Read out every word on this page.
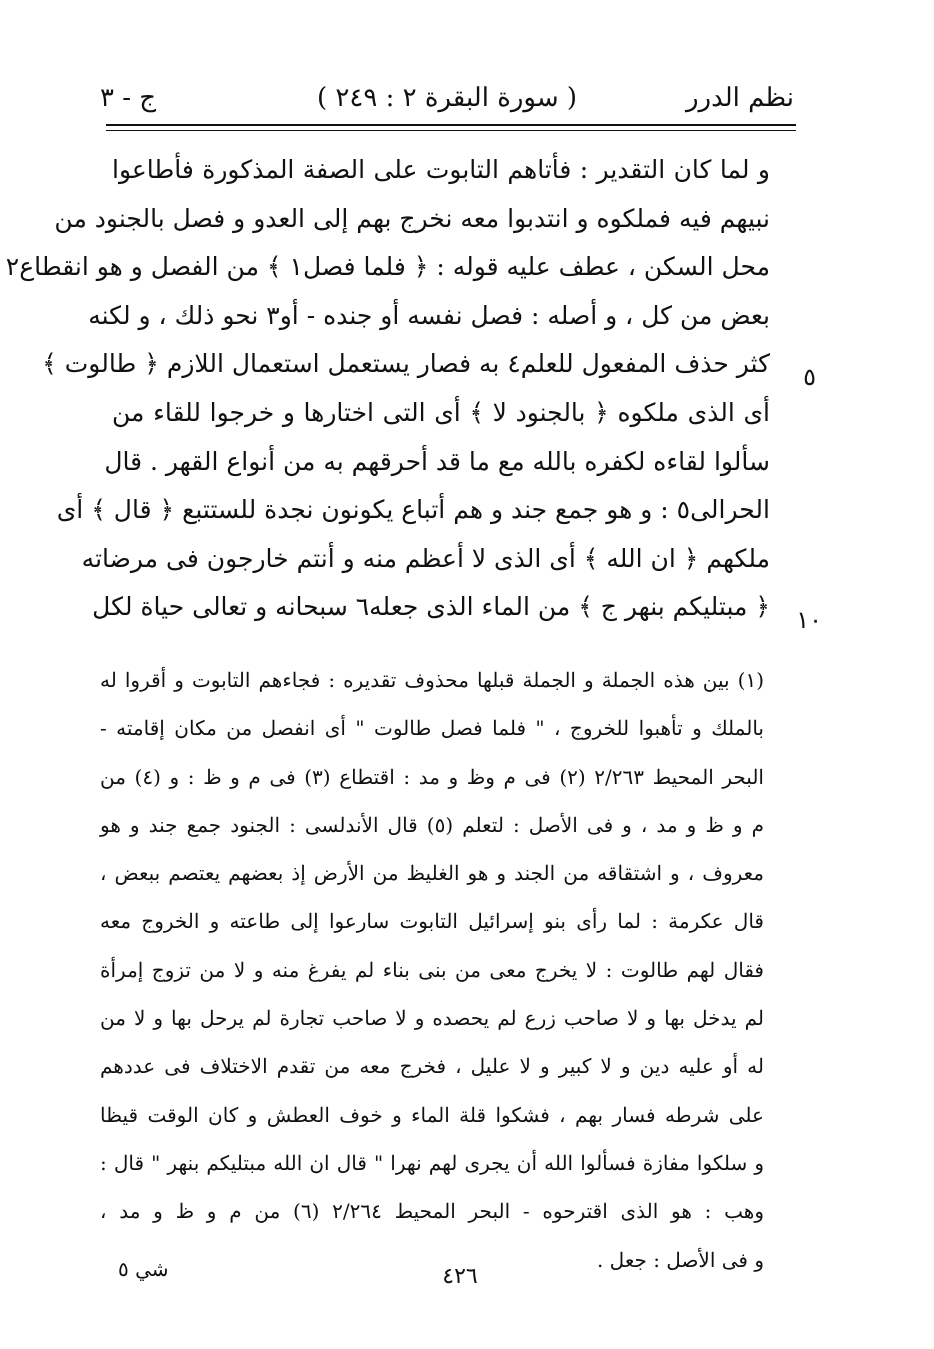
نظم الدرر
( سورة البقرة ٢ : ٢٤٩ )
ج - ٣
و لما كان التقدير : فأتاهم التابوت على الصفة المذكورة فأطاعوا
نبيهم فيه فملكوه و انتدبوا معه نخرج بهم إلى العدو و فصل بالجنود من
محل السكن ، عطف عليه قوله : ﴿ فلما فصل١ ﴾ من الفصل و هو انقطاع٢
بعض من كل ، و أصله : فصل نفسه أو جنده - أو٣ نحو ذلك ، و لكنه
كثر حذف المفعول للعلم٤ به فصار يستعمل استعمال اللازم ﴿ طالوت ﴾
أى الذى ملكوه ﴿ بالجنود لا ﴾ أى التى اختارها و خرجوا للقاء من
سألوا لقاءه لكفره بالله مع ما قد أحرقهم به من أنواع القهر . قال
الحرالى٥ : و هو جمع جند و هم أتباع يكونون نجدة للستتبع ﴿ قال ﴾ أى
ملكهم ﴿ ان الله ﴾ أى الذى لا أعظم منه و أنتم خارجون فى مرضاته
﴿ مبتليكم بنهر ج ﴾ من الماء الذى جعله٦ سبحانه و تعالى حياة لكل
٥
١٠
(١) بين هذه الجملة و الجملة قبلها محذوف تقديره : فجاءهم التابوت و أقروا له
بالملك و تأهبوا للخروج ، " فلما فصل طالوت " أى انفصل من مكان إقامته -
البحر المحيط ٢/٢٦٣ (٢) فى م وظ و مد : اقتطاع (٣) فى م و ظ : و (٤) من
م و ظ و مد ، و فى الأصل : لتعلم (٥) قال الأندلسى : الجنود جمع جند و هو
معروف ، و اشتقاقه من الجند و هو الغليظ من الأرض إذ بعضهم يعتصم ببعض ،
قال عكرمة : لما رأى بنو إسرائيل التابوت سارعوا إلى طاعته و الخروج معه
فقال لهم طالوت : لا يخرج معى من بنى بناء لم يفرغ منه و لا من تزوج إمرأة
لم يدخل بها و لا صاحب زرع لم يحصده و لا صاحب تجارة لم يرحل بها و لا من
له أو عليه دين و لا كبير و لا عليل ، فخرج معه من تقدم الاختلاف فى عددهم
على شرطه فسار بهم ، فشكوا قلة الماء و خوف العطش و كان الوقت قيظا
و سلكوا مفازة فسألوا الله أن يجرى لهم نهرا " قال ان الله مبتليكم بنهر " قال :
وهب : هو الذى اقترحوه - البحر المحيط ٢/٢٦٤ (٦) من م و ظ و مد ،
و فى الأصل : جعل .
٤٢٦
شي ٥
